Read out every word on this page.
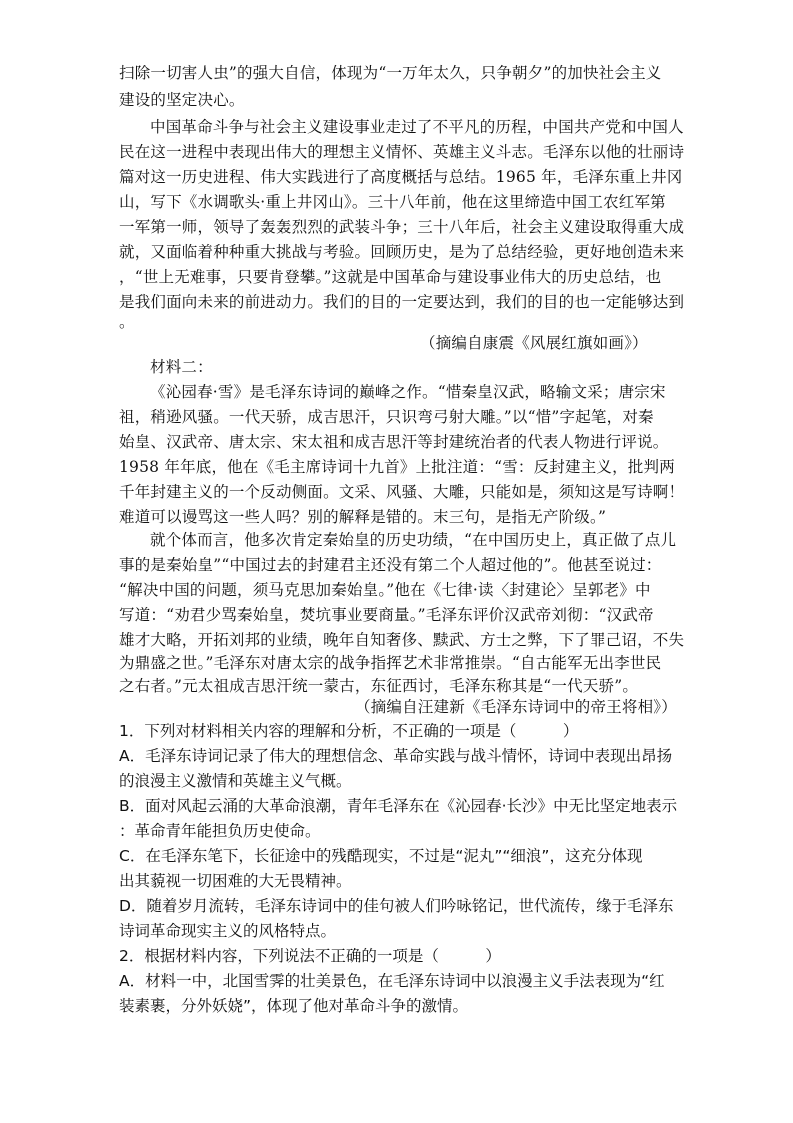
扫除一切害人虫”的强大自信，体现为“一万年太久，只争朝夕”的加快社会主义
建设的坚定决心。
中国革命斗争与社会主义建设事业走过了不平凡的历程，中国共产党和中国人
民在这一进程中表现出伟大的理想主义情怀、英雄主义斗志。毛泽东以他的壮丽诗
篇对这一历史进程、伟大实践进行了高度概括与总结。1965 年，毛泽东重上井冈
山，写下《水调歌头·重上井冈山》。三十八年前，他在这里缔造中国工农红军第
一军第一师，领导了轰轰烈烈的武装斗争；三十八年后，社会主义建设取得重大成
就，又面临着种种重大挑战与考验。回顾历史，是为了总结经验，更好地创造未来
，“世上无难事，只要肯登攀。”这就是中国革命与建设事业伟大的历史总结，也
是我们面向未来的前进动力。我们的目的一定要达到，我们的目的也一定能够达到
。
（摘编自康震《风展红旗如画》）
材料二：
《沁园春·雪》是毛泽东诗词的巅峰之作。“惜秦皇汉武，略输文采；唐宗宋
祖，稍逊风骚。一代天骄，成吉思汗，只识弯弓射大雕。”以“惜”字起笔，对秦
始皇、汉武帝、唐太宗、宋太祖和成吉思汗等封建统治者的代表人物进行评说。
1958 年年底，他在《毛主席诗词十九首》上批注道：“雪：反封建主义，批判两
千年封建主义的一个反动侧面。文采、风骚、大雕，只能如是，须知这是写诗啊！
难道可以谩骂这一些人吗？别的解释是错的。末三句，是指无产阶级。”
就个体而言，他多次肯定秦始皇的历史功绩，“在中国历史上，真正做了点儿
事的是秦始皇”“中国过去的封建君主还没有第二个人超过他的”。他甚至说过：
“解决中国的问题，须马克思加秦始皇。”他在《七律·读〈封建论〉呈郭老》中
写道：“劝君少骂秦始皇，焚坑事业要商量。”毛泽东评价汉武帝刘彻：“汉武帝
雄才大略，开拓刘邦的业绩，晚年自知奢侈、黩武、方士之弊，下了罪己诏，不失
为鼎盛之世。”毛泽东对唐太宗的战争指挥艺术非常推崇。“自古能军无出李世民
之右者。”元太祖成吉思汗统一蒙古，东征西讨，毛泽东称其是“一代天骄”。
（摘编自汪建新《毛泽东诗词中的帝王将相》）
1．下列对材料相关内容的理解和分析，不正确的一项是（　　　）
A．毛泽东诗词记录了伟大的理想信念、革命实践与战斗情怀，诗词中表现出昂扬
的浪漫主义激情和英雄主义气概。
B．面对风起云涌的大革命浪潮，青年毛泽东在《沁园春·长沙》中无比坚定地表示
：革命青年能担负历史使命。
C．在毛泽东笔下，长征途中的残酷现实，不过是“泥丸”“细浪”，这充分体现
出其藐视一切困难的大无畏精神。
D．随着岁月流转，毛泽东诗词中的佳句被人们吟咏铭记，世代流传，缘于毛泽东
诗词革命现实主义的风格特点。
2．根据材料内容，下列说法不正确的一项是（　　　）
A．材料一中，北国雪霁的壮美景色，在毛泽东诗词中以浪漫主义手法表现为“红
装素裹，分外妖娆”，体现了他对革命斗争的激情。
